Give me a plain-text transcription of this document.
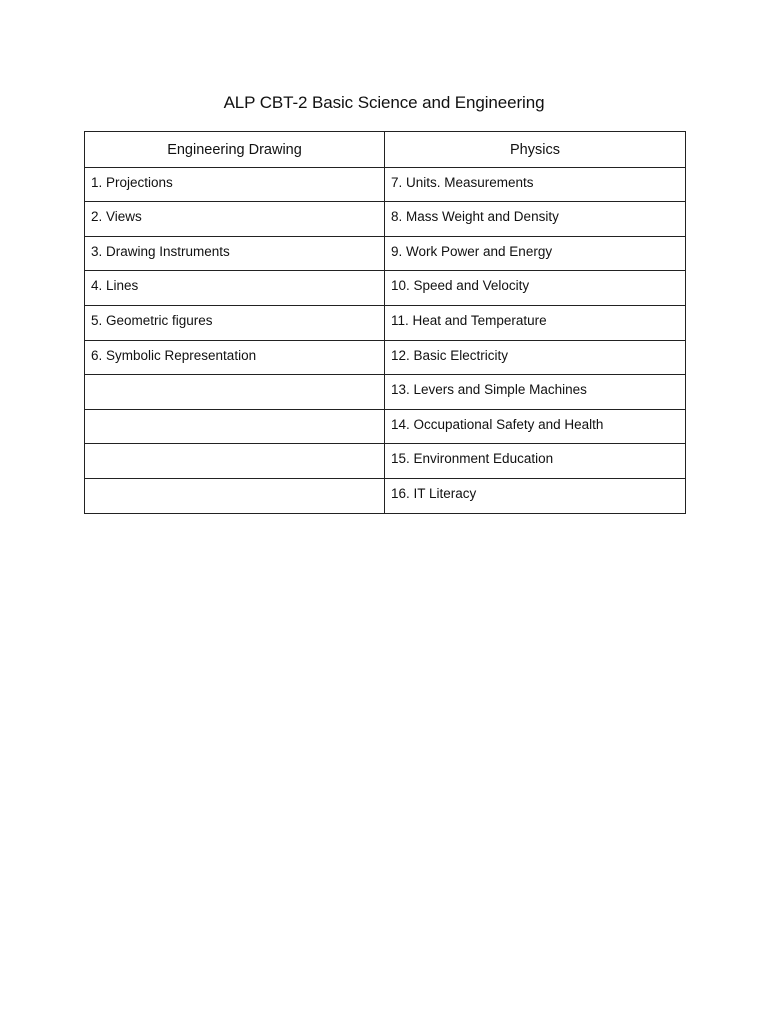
ALP CBT-2 Basic Science and Engineering
Engineering Drawing	Physics
1. Projections	7. Units. Measurements
2. Views	8. Mass Weight and Density
3. Drawing Instruments	9. Work Power and Energy
4. Lines	10. Speed and Velocity
5. Geometric figures	11. Heat and Temperature
6. Symbolic Representation	12. Basic Electricity
	13. Levers and Simple Machines
	14. Occupational Safety and Health
	15. Environment Education
	16. IT Literacy
